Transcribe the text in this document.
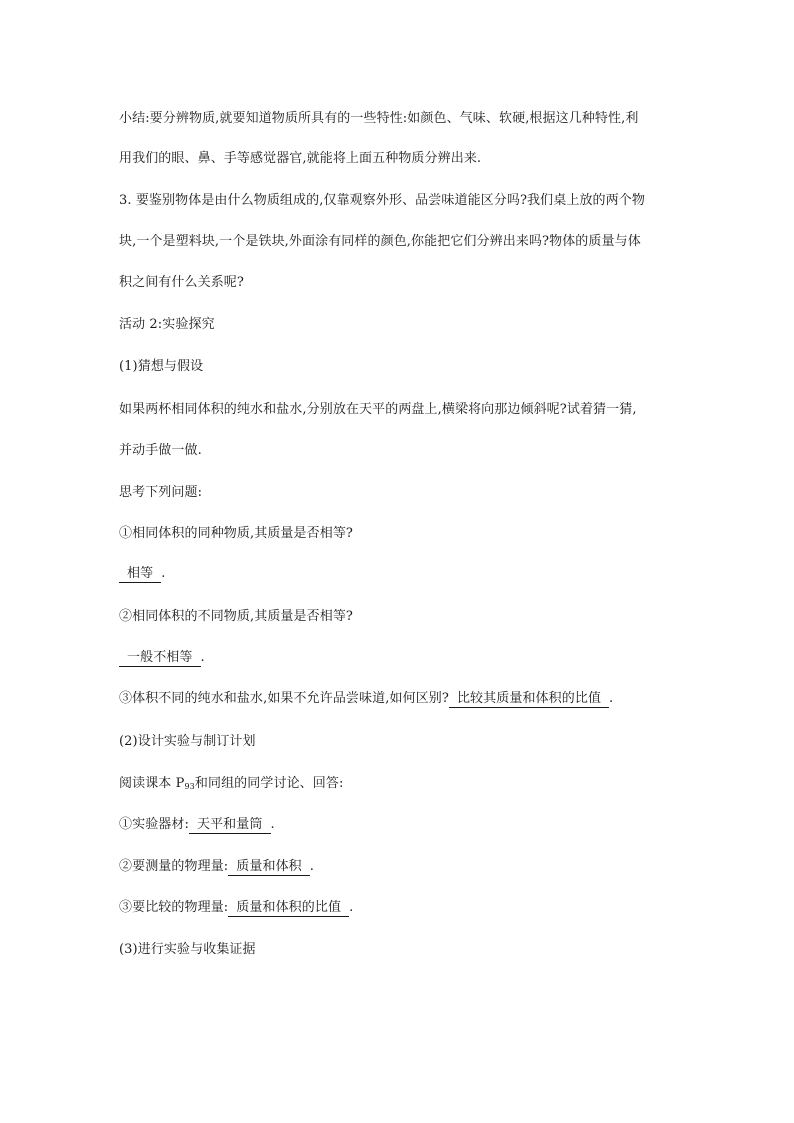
小结:要分辨物质,就要知道物质所具有的一些特性:如颜色、气味、软硬,根据这几种特性,利
用我们的眼、鼻、手等感觉器官,就能将上面五种物质分辨出来.
3. 要鉴别物体是由什么物质组成的,仅靠观察外形、品尝味道能区分吗?我们桌上放的两个物
块,一个是塑料块,一个是铁块,外面涂有同样的颜色,你能把它们分辨出来吗?物体的质量与体
积之间有什么关系呢?
活动 2:实验探究
(1)猜想与假设
如果两杯相同体积的纯水和盐水,分别放在天平的两盘上,横梁将向那边倾斜呢?试着猜一猜,
并动手做一做.
思考下列问题:
①相同体积的同种物质,其质量是否相等?
相等 .
②相同体积的不同物质,其质量是否相等?
一般不相等 .
③体积不同的纯水和盐水,如果不允许品尝味道,如何区别? 比较其质量和体积的比值 .
(2)设计实验与制订计划
阅读课本 $P_{93}$和同组的同学讨论、回答:
①实验器材: 天平和量筒 .
②要测量的物理量: 质量和体积 .
③要比较的物理量: 质量和体积的比值 .
(3)进行实验与收集证据
